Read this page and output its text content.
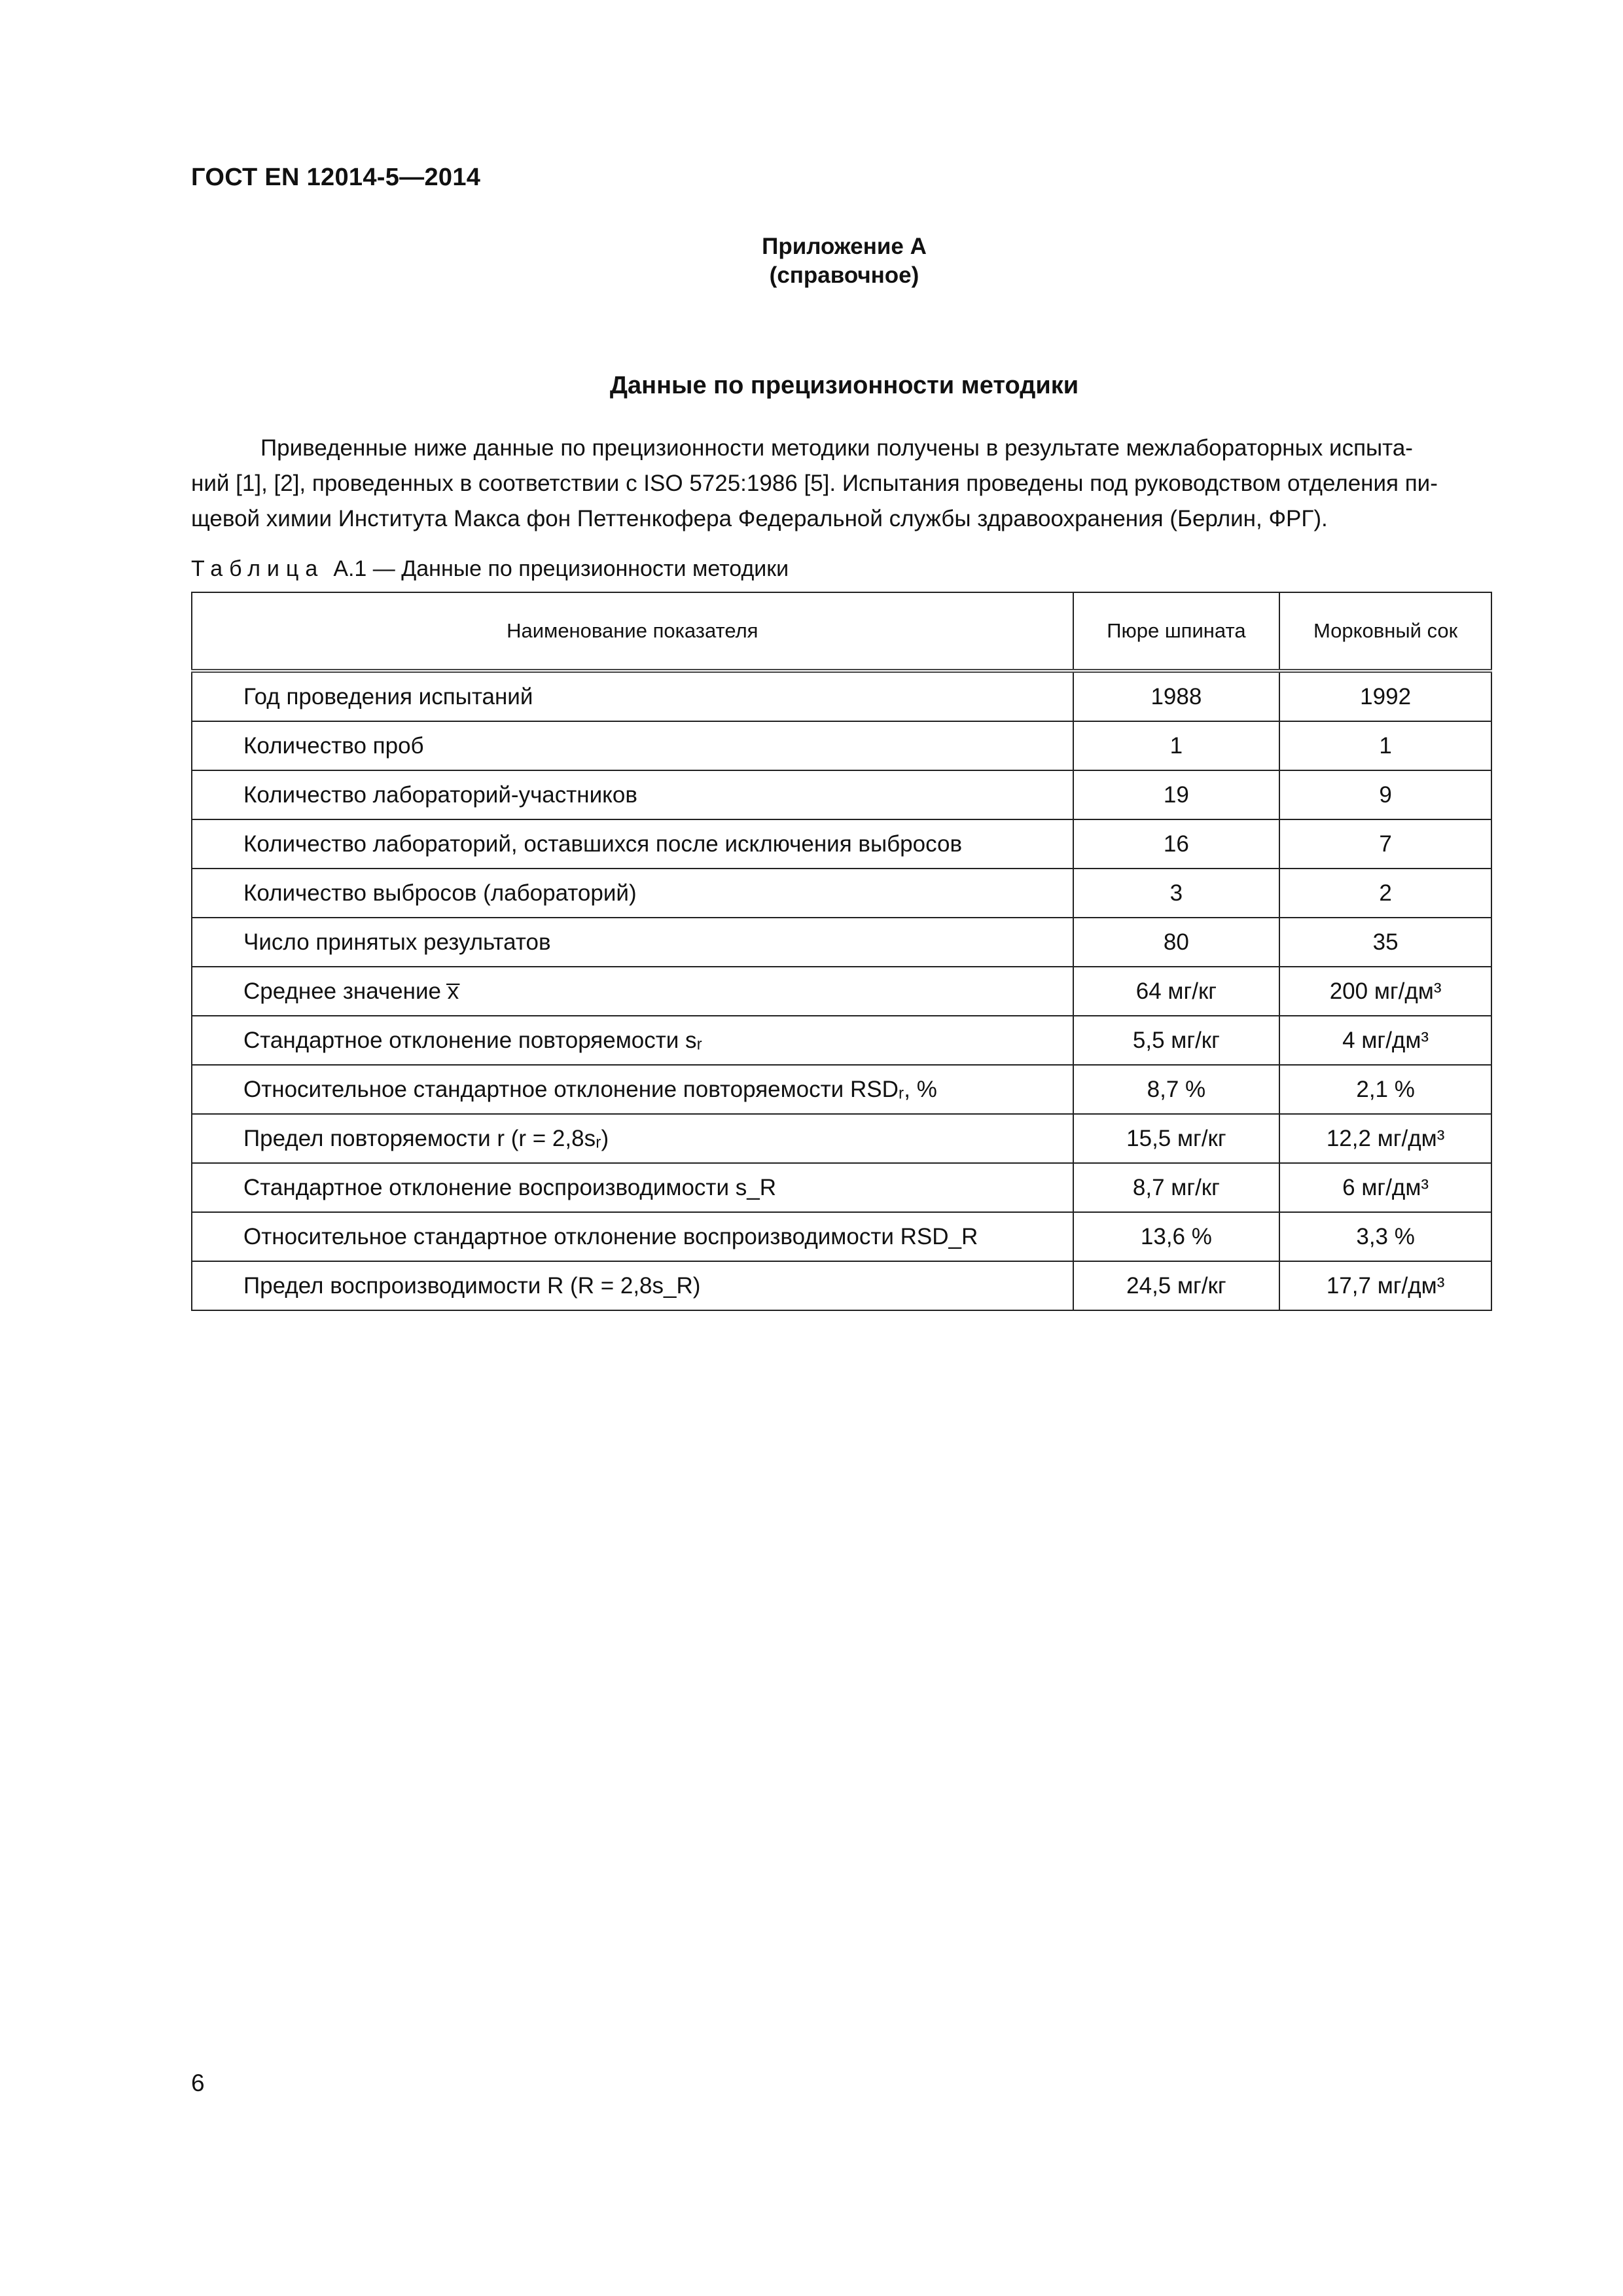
ГОСТ EN 12014-5—2014
Приложение А
(справочное)
Данные по прецизионности методики
Приведенные ниже данные по прецизионности методики получены в результате межлабораторных испыта-
ний [1], [2], проведенных в соответствии с ISO 5725:1986 [5]. Испытания проведены под руководством отделения пи-
щевой химии Института Макса фон Петтенкофера Федеральной службы здравоохранения (Берлин, ФРГ).
Таблица А.1 — Данные по прецизионности методики
Наименование показателя	Пюре шпината	Морковный сок
Год проведения испытаний	1988	1992
Количество проб	1	1
Количество лабораторий-участников	19	9
Количество лабораторий, оставшихся после исключения выбросов	16	7
Количество выбросов (лабораторий)	3	2
Число принятых результатов	80	35
Среднее значение x̅	64 мг/кг	200 мг/дм³
Стандартное отклонение повторяемости sᵣ	5,5 мг/кг	4 мг/дм³
Относительное стандартное отклонение повторяемости RSDᵣ, %	8,7 %	2,1 %
Предел повторяемости r (r = 2,8sᵣ)	15,5 мг/кг	12,2 мг/дм³
Стандартное отклонение воспроизводимости s_R	8,7 мг/кг	6 мг/дм³
Относительное стандартное отклонение воспроизводимости RSD_R	13,6 %	3,3 %
Предел воспроизводимости R (R = 2,8s_R)	24,5 мг/кг	17,7 мг/дм³
6
